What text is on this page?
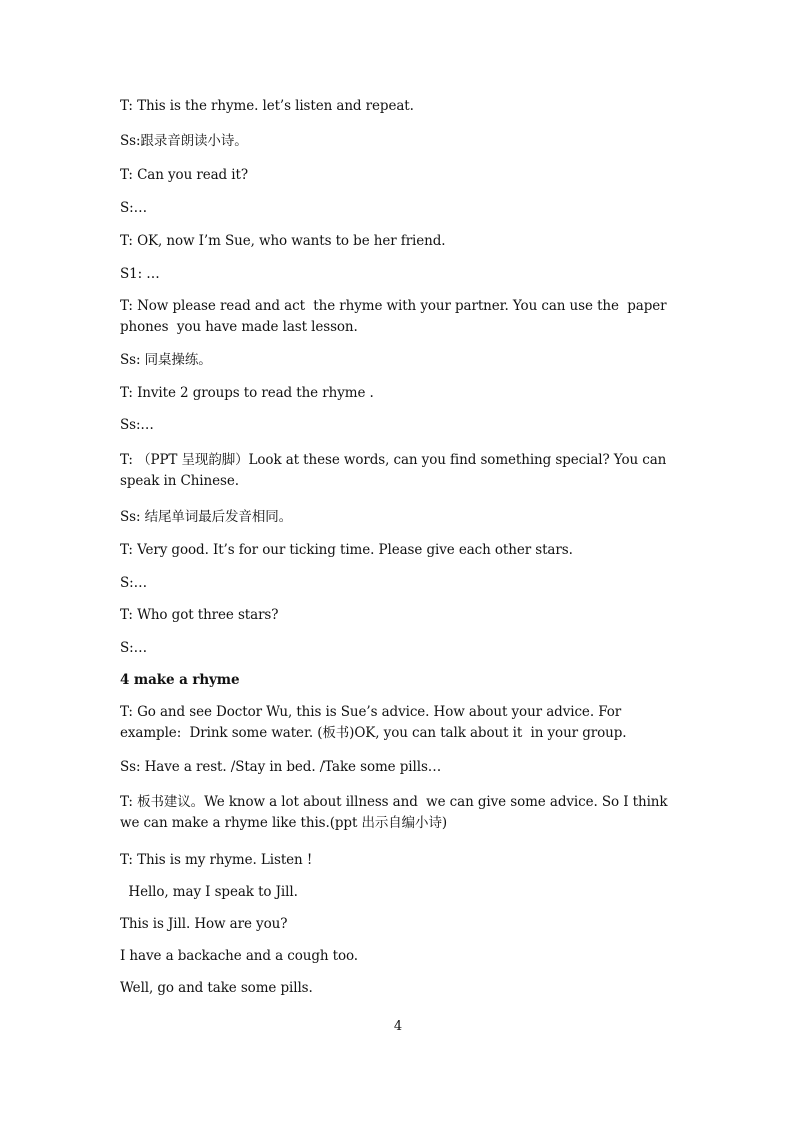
T: This is the rhyme. let’s listen and repeat.

Ss:跟录音朗读小诗。

T: Can you read it?

S:…

T: OK, now I’m Sue, who wants to be her friend.

S1: …

T: Now please read and act  the rhyme with your partner. You can use the  paper phones  you have made last lesson.

Ss: 同桌操练。

T: Invite 2 groups to read the rhyme .

Ss:…

T: （PPT 呈现韵脚）Look at these words, can you find something special? You can speak in Chinese.

Ss: 结尾单词最后发音相同。

T: Very good. It’s for our ticking time. Please give each other stars.

S:…

T: Who got three stars?

S:…

4 make a rhyme

T: Go and see Doctor Wu, this is Sue’s advice. How about your advice. For example:  Drink some water. (板书)OK, you can talk about it  in your group.

Ss: Have a rest. /Stay in bed. /Take some pills…

T: 板书建议。We know a lot about illness and  we can give some advice. So I think we can make a rhyme like this.(ppt 出示自编小诗)

T: This is my rhyme. Listen !

Hello, may I speak to Jill.

This is Jill. How are you?

I have a backache and a cough too.

Well, go and take some pills.

4
